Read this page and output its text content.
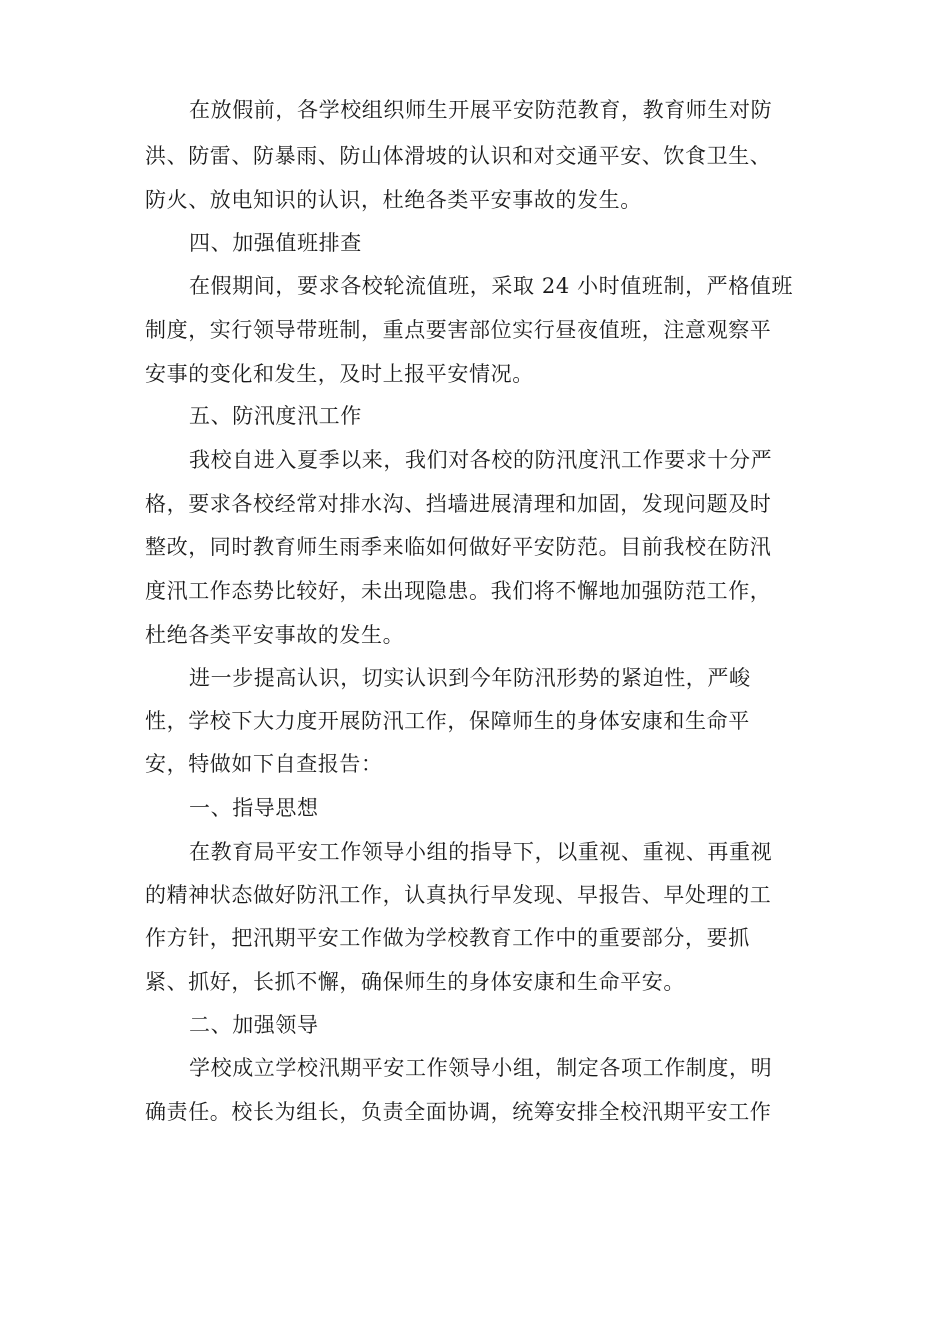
在放假前，各学校组织师生开展平安防范教育，教育师生对防
洪、防雷、防暴雨、防山体滑坡的认识和对交通平安、饮食卫生、
防火、放电知识的认识，杜绝各类平安事故的发生。
四、加强值班排查
在假期间，要求各校轮流值班，采取 24 小时值班制，严格值班
制度，实行领导带班制，重点要害部位实行昼夜值班，注意观察平
安事的变化和发生，及时上报平安情况。
五、防汛度汛工作
我校自进入夏季以来，我们对各校的防汛度汛工作要求十分严
格，要求各校经常对排水沟、挡墙进展清理和加固，发现问题及时
整改，同时教育师生雨季来临如何做好平安防范。目前我校在防汛
度汛工作态势比较好，未出现隐患。我们将不懈地加强防范工作，
杜绝各类平安事故的发生。
进一步提高认识，切实认识到今年防汛形势的紧迫性，严峻
性，学校下大力度开展防汛工作，保障师生的身体安康和生命平
安，特做如下自查报告：
一、指导思想
在教育局平安工作领导小组的指导下，以重视、重视、再重视
的精神状态做好防汛工作，认真执行早发现、早报告、早处理的工
作方针，把汛期平安工作做为学校教育工作中的重要部分，要抓
紧、抓好，长抓不懈，确保师生的身体安康和生命平安。
二、加强领导
学校成立学校汛期平安工作领导小组，制定各项工作制度，明
确责任。校长为组长，负责全面协调，统筹安排全校汛期平安工作
